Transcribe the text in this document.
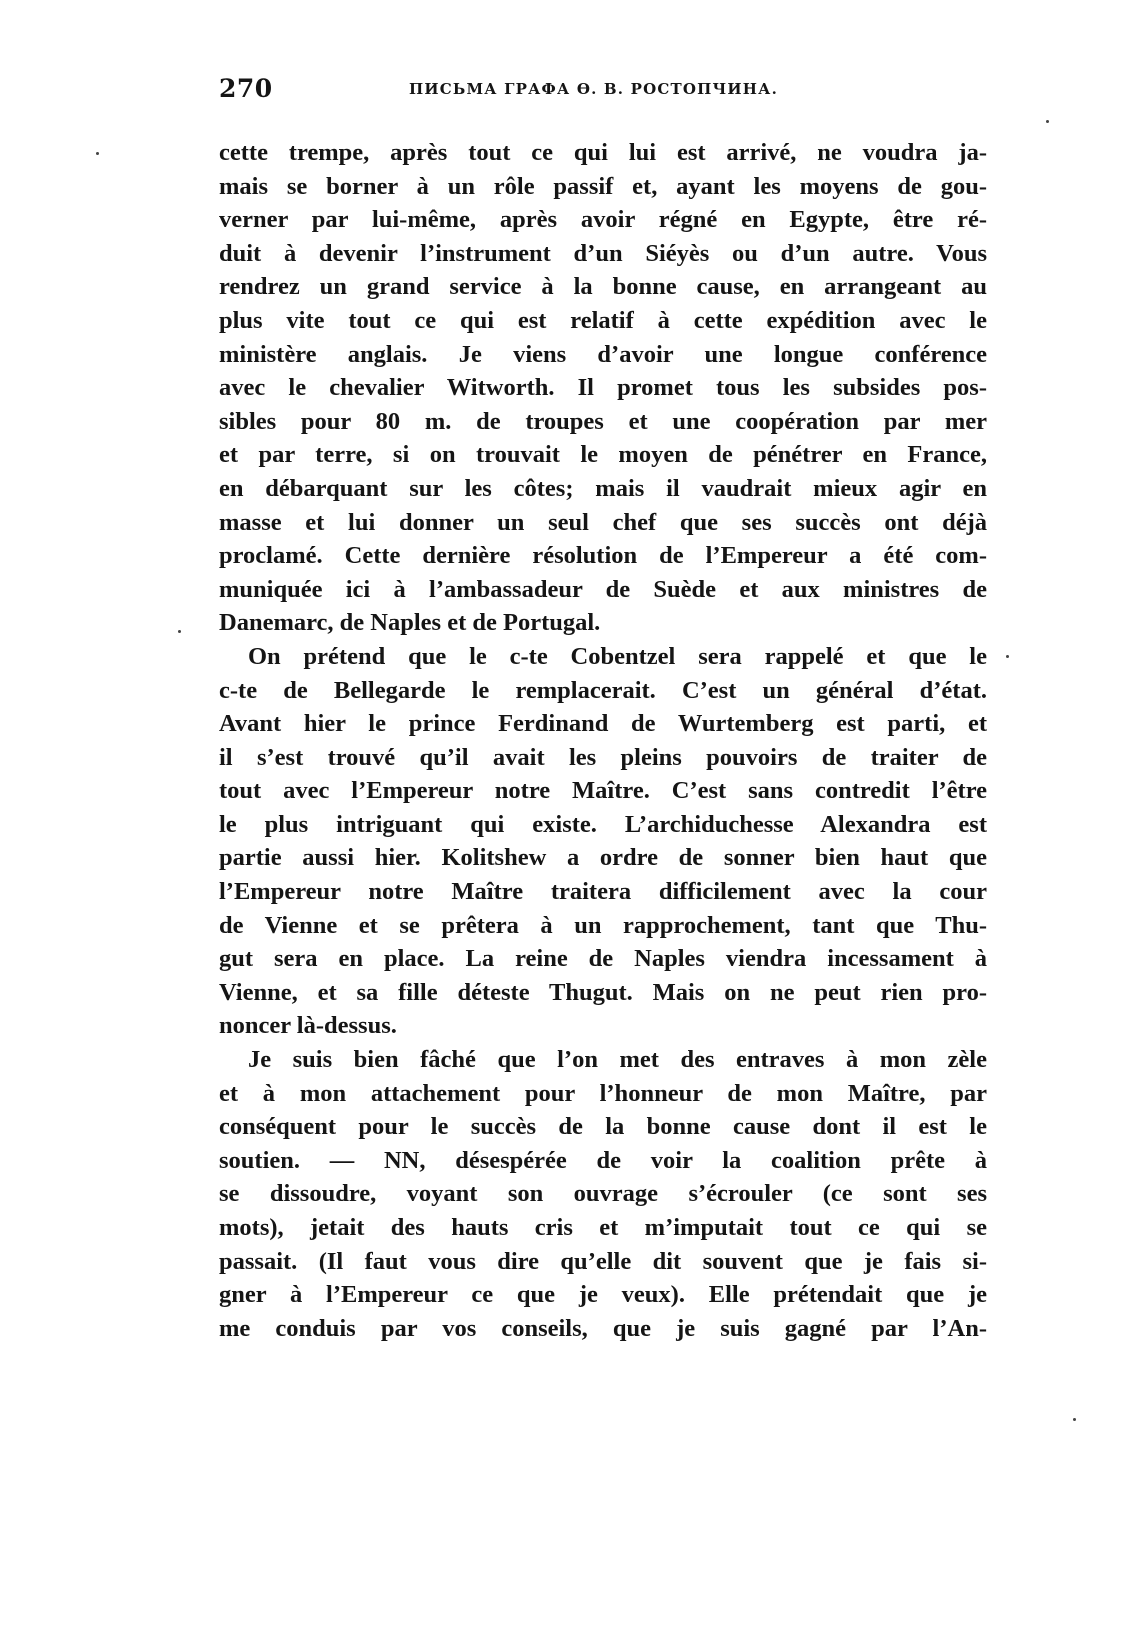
270	ПИСЬМА ГРАФА Ѳ. В. РОСТОПЧИНА.
cette trempe, après tout ce qui lui est arrivé, ne voudra ja-
mais se borner à un rôle passif et, ayant les moyens de gou-
verner par lui-même, après avoir régné en Egypte, être ré-
duit à devenir l’instrument d’un Siéyès ou d’un autre. Vous
rendrez un grand service à la bonne cause, en arrangeant au
plus vite tout ce qui est relatif à cette expédition avec le
ministère anglais. Je viens d’avoir une longue conférence
avec le chevalier Witworth. Il promet tous les subsides pos-
sibles pour 80 m. de troupes et une coopération par mer
et par terre, si on trouvait le moyen de pénétrer en France,
en débarquant sur les côtes; mais il vaudrait mieux agir en
masse et lui donner un seul chef que ses succès ont déjà
proclamé. Cette dernière résolution de l’Empereur a été com-
muniquée ici à l’ambassadeur de Suède et aux ministres de
Danemarc, de Naples et de Portugal.
On prétend que le c-te Cobentzel sera rappelé et que le
c-te de Bellegarde le remplacerait. C’est un général d’état.
Avant hier le prince Ferdinand de Wurtemberg est parti, et
il s’est trouvé qu’il avait les pleins pouvoirs de traiter de
tout avec l’Empereur notre Maître. C’est sans contredit l’être
le plus intriguant qui existe. L’archiduchesse Alexandra est
partie aussi hier. Kolitshew a ordre de sonner bien haut que
l’Empereur notre Maître traitera difficilement avec la cour
de Vienne et se prêtera à un rapprochement, tant que Thu-
gut sera en place. La reine de Naples viendra incessament à
Vienne, et sa fille déteste Thugut. Mais on ne peut rien pro-
noncer là-dessus.
Je suis bien fâché que l’on met des entraves à mon zèle
et à mon attachement pour l’honneur de mon Maître, par
conséquent pour le succès de la bonne cause dont il est le
soutien. — NN, désespérée de voir la coalition prête à
se dissoudre, voyant son ouvrage s’écrouler (ce sont ses
mots), jetait des hauts cris et m’imputait tout ce qui se
passait. (Il faut vous dire qu’elle dit souvent que je fais si-
gner à l’Empereur ce que je veux). Elle prétendait que je
me conduis par vos conseils, que je suis gagné par l’An-
